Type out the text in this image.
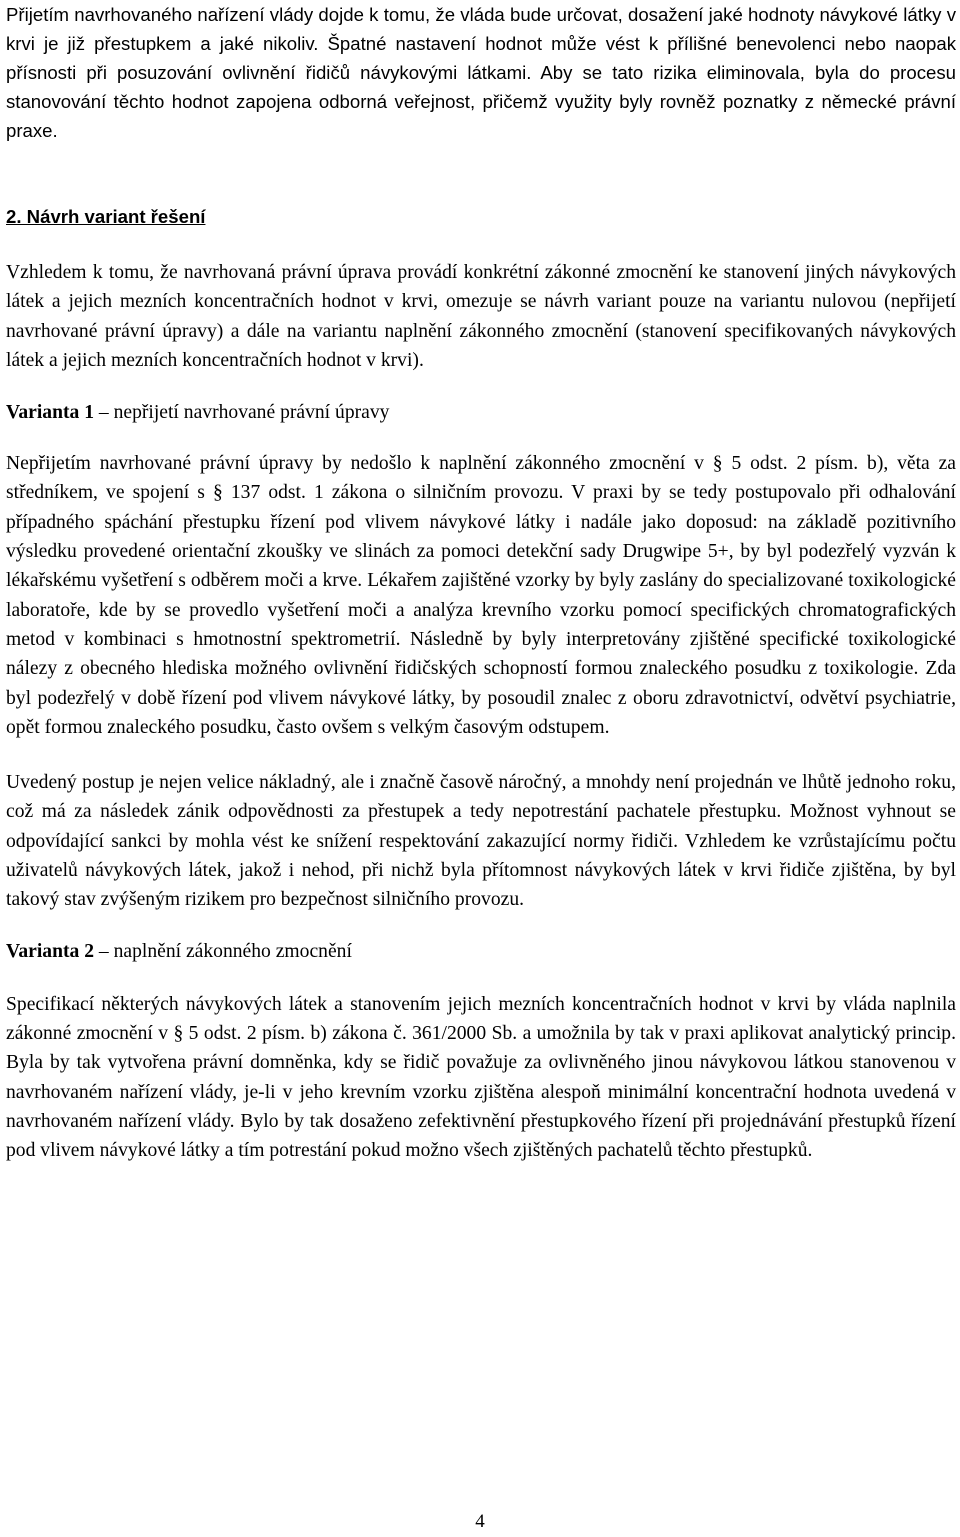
Přijetím navrhovaného nařízení vlády dojde k tomu, že vláda bude určovat, dosažení jaké hodnoty návykové látky v krvi je již přestupkem a jaké nikoliv. Špatné nastavení hodnot může vést k přílišné benevolenci nebo naopak přísnosti při posuzování ovlivnění řidičů návykovými látkami. Aby se tato rizika eliminovala, byla do procesu stanovování těchto hodnot zapojena odborná veřejnost, přičemž využity byly rovněž poznatky z německé právní praxe.

2. Návrh variant řešení

Vzhledem k tomu, že navrhovaná právní úprava provádí konkrétní zákonné zmocnění ke stanovení jiných návykových látek a jejich mezních koncentračních hodnot v krvi, omezuje se návrh variant pouze na variantu nulovou (nepřijetí navrhované právní úpravy) a dále na variantu naplnění zákonného zmocnění (stanovení specifikovaných návykových látek a jejich mezních koncentračních hodnot v krvi).

Varianta 1 – nepřijetí navrhované právní úpravy

Nepřijetím navrhované právní úpravy by nedošlo k naplnění zákonného zmocnění v § 5 odst. 2 písm. b), věta za středníkem, ve spojení s § 137 odst. 1 zákona o silničním provozu. V praxi by se tedy postupovalo při odhalování případného spáchání přestupku řízení pod vlivem návykové látky i nadále jako doposud: na základě pozitivního výsledku provedené orientační zkoušky ve slinách za pomoci detekční sady Drugwipe 5+, by byl podezřelý vyzván k lékařskému vyšetření s odběrem moči a krve. Lékařem zajištěné vzorky by byly zaslány do specializované toxikologické laboratoře, kde by se provedlo vyšetření moči a analýza krevního vzorku pomocí specifických chromatografických metod v kombinaci s hmotnostní spektrometrií. Následně by byly interpretovány zjištěné specifické toxikologické nálezy z obecného hlediska možného ovlivnění řidičských schopností formou znaleckého posudku z toxikologie. Zda byl podezřelý v době řízení pod vlivem návykové látky, by posoudil znalec z oboru zdravotnictví, odvětví psychiatrie, opět formou znaleckého posudku, často ovšem s velkým časovým odstupem.

Uvedený postup je nejen velice nákladný, ale i značně časově náročný, a mnohdy není projednán ve lhůtě jednoho roku, což má za následek zánik odpovědnosti za přestupek a tedy nepotrestání pachatele přestupku. Možnost vyhnout se odpovídající sankci by mohla vést ke snížení respektování zakazující normy řidiči. Vzhledem ke vzrůstajícímu počtu uživatelů návykových látek, jakož i nehod, při nichž byla přítomnost návykových látek v krvi řidiče zjištěna, by byl takový stav zvýšeným rizikem pro bezpečnost silničního provozu.

Varianta 2 – naplnění zákonného zmocnění

Specifikací některých návykových látek a stanovením jejich mezních koncentračních hodnot v krvi by vláda naplnila zákonné zmocnění v § 5 odst. 2 písm. b) zákona č. 361/2000 Sb. a umožnila by tak v praxi aplikovat analytický princip. Byla by tak vytvořena právní domněnka, kdy se řidič považuje za ovlivněného jinou návykovou látkou stanovenou v navrhovaném nařízení vlády, je-li v jeho krevním vzorku zjištěna alespoň minimální koncentrační hodnota uvedená v navrhovaném nařízení vlády. Bylo by tak dosaženo zefektivnění přestupkového řízení při projednávání přestupků řízení pod vlivem návykové látky a tím potrestání pokud možno všech zjištěných pachatelů těchto přestupků.

4
